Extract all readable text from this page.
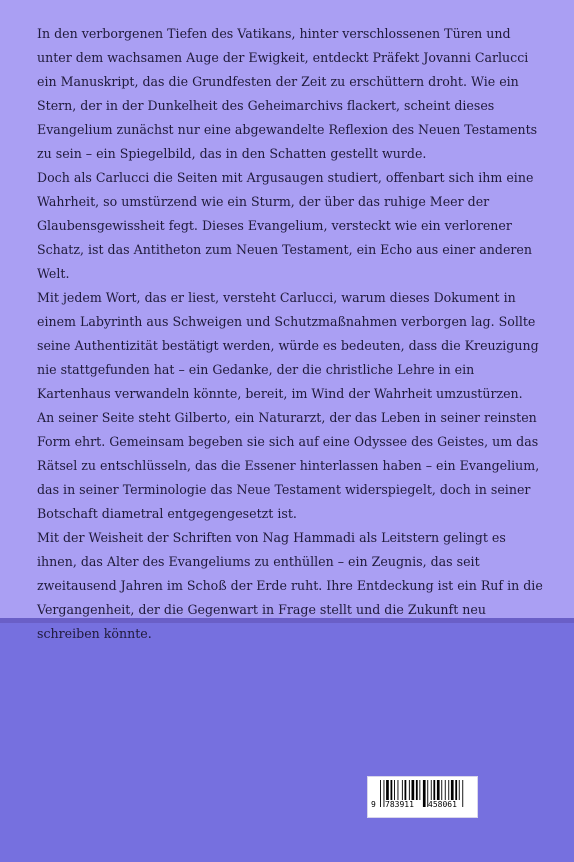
In den verborgenen Tiefen des Vatikans, hinter verschlossenen Türen und unter dem wachsamen Auge der Ewigkeit, entdeckt Präfekt Jovanni Carlucci ein Manuskript, das die Grundfesten der Zeit zu erschüttern droht. Wie ein Stern, der in der Dunkelheit des Geheimarchivs flackert, scheint dieses Evangelium zunächst nur eine abgewandelte Reflexion des Neuen Testaments zu sein – ein Spiegelbild, das in den Schatten gestellt wurde.

Doch als Carlucci die Seiten mit Argusaugen studiert, offenbart sich ihm eine Wahrheit, so umstürzend wie ein Sturm, der über das ruhige Meer der Glaubensgewissheit fegt. Dieses Evangelium, versteckt wie ein verlorener Schatz, ist das Antitheton zum Neuen Testament, ein Echo aus einer anderen Welt.

Mit jedem Wort, das er liest, versteht Carlucci, warum dieses Dokument in einem Labyrinth aus Schweigen und Schutzmaßnahmen verborgen lag. Sollte seine Authentizität bestätigt werden, würde es bedeuten, dass die Kreuzigung nie stattgefunden hat – ein Gedanke, der die christliche Lehre in ein Kartenhaus verwandeln könnte, bereit, im Wind der Wahrheit umzustürzen.

An seiner Seite steht Gilberto, ein Naturarzt, der das Leben in seiner reinsten Form ehrt. Gemeinsam begeben sie sich auf eine Odyssee des Geistes, um das Rätsel zu entschlüsseln, das die Essener hinterlassen haben – ein Evangelium, das in seiner Terminologie das Neue Testament widerspiegelt, doch in seiner Botschaft diametral entgegengesetzt ist.

Mit der Weisheit der Schriften von Nag Hammadi als Leitstern gelingt es ihnen, das Alter des Evangeliums zu enthüllen – ein Zeugnis, das seit zweitausend Jahren im Schoß der Erde ruht. Ihre Entdeckung ist ein Ruf in die Vergangenheit, der die Gegenwart in Frage stellt und die Zukunft neu schreiben könnte.

9 783911 458061
